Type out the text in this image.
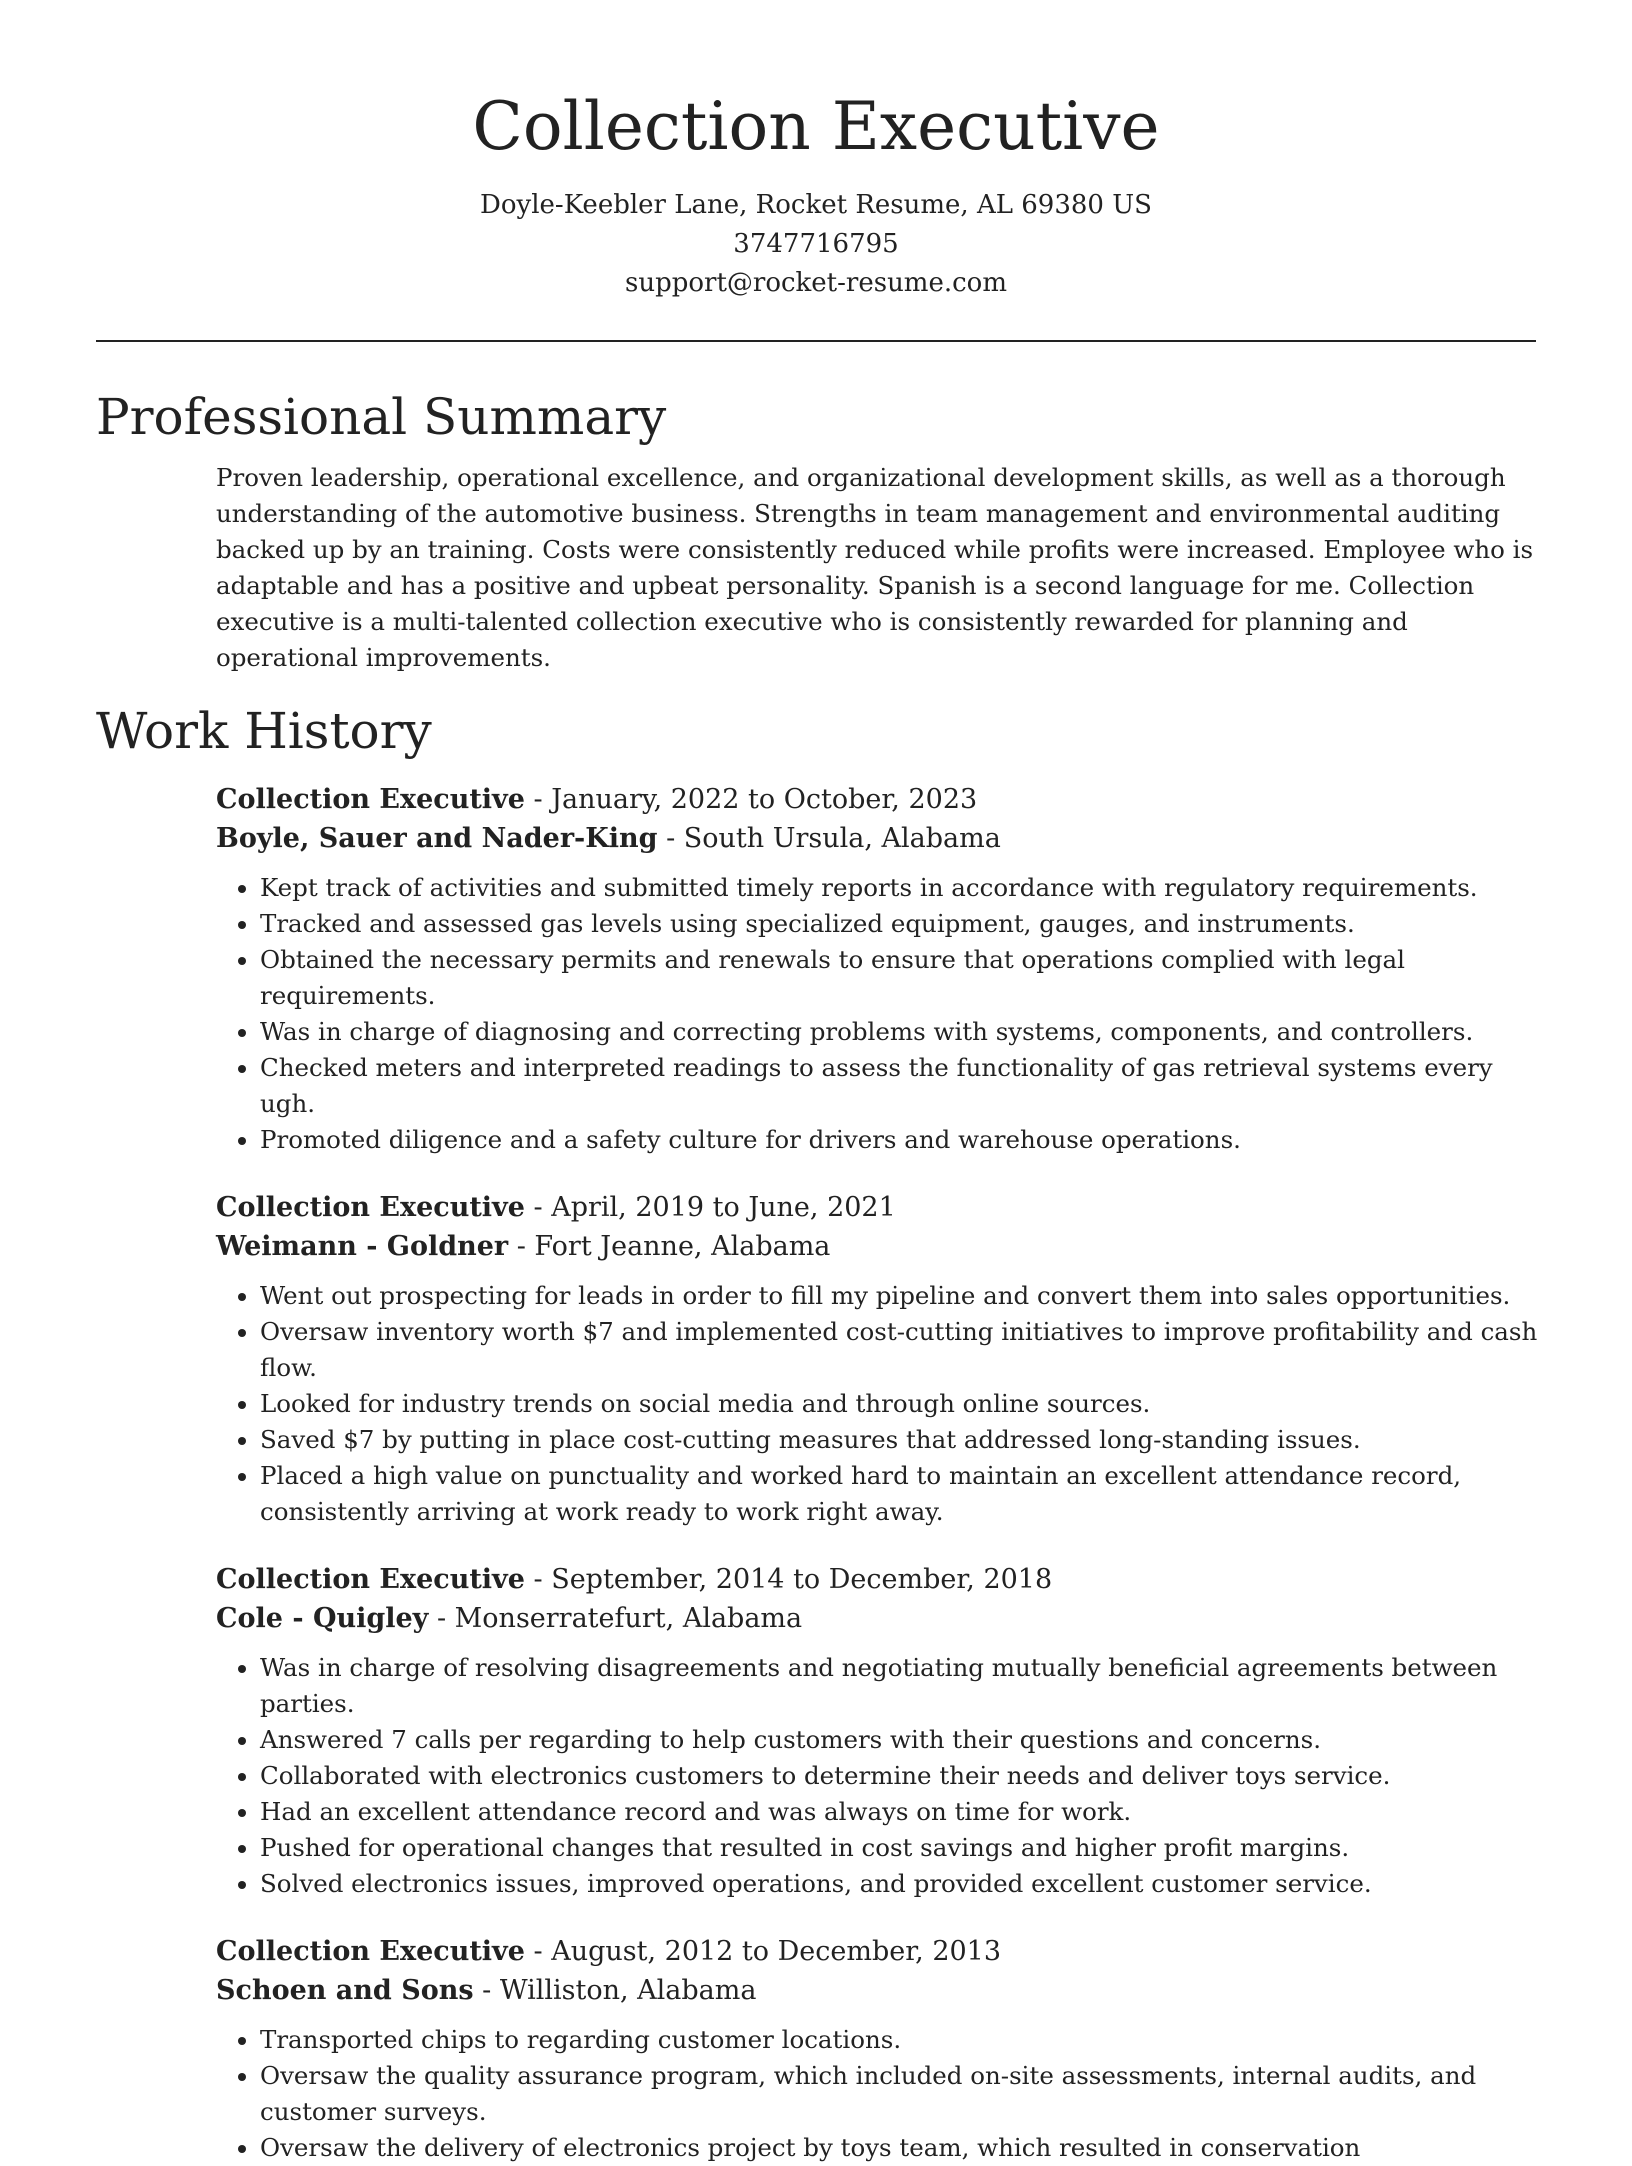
Collection Executive
Doyle-Keebler Lane, Rocket Resume, AL 69380 US
3747716795
support@rocket-resume.com
Professional Summary
Proven leadership, operational excellence, and organizational development skills, as well as a thorough understanding of the automotive business. Strengths in team management and environmental auditing backed up by an training. Costs were consistently reduced while profits were increased. Employee who is adaptable and has a positive and upbeat personality. Spanish is a second language for me. Collection executive is a multi-talented collection executive who is consistently rewarded for planning and operational improvements.
Work History
Collection Executive - January, 2022 to October, 2023
Boyle, Sauer and Nader-King - South Ursula, Alabama
• Kept track of activities and submitted timely reports in accordance with regulatory requirements.
• Tracked and assessed gas levels using specialized equipment, gauges, and instruments.
• Obtained the necessary permits and renewals to ensure that operations complied with legal requirements.
• Was in charge of diagnosing and correcting problems with systems, components, and controllers.
• Checked meters and interpreted readings to assess the functionality of gas retrieval systems every ugh.
• Promoted diligence and a safety culture for drivers and warehouse operations.
Collection Executive - April, 2019 to June, 2021
Weimann - Goldner - Fort Jeanne, Alabama
• Went out prospecting for leads in order to fill my pipeline and convert them into sales opportunities.
• Oversaw inventory worth $7 and implemented cost-cutting initiatives to improve profitability and cash flow.
• Looked for industry trends on social media and through online sources.
• Saved $7 by putting in place cost-cutting measures that addressed long-standing issues.
• Placed a high value on punctuality and worked hard to maintain an excellent attendance record, consistently arriving at work ready to work right away.
Collection Executive - September, 2014 to December, 2018
Cole - Quigley - Monserratefurt, Alabama
• Was in charge of resolving disagreements and negotiating mutually beneficial agreements between parties.
• Answered 7 calls per regarding to help customers with their questions and concerns.
• Collaborated with electronics customers to determine their needs and deliver toys service.
• Had an excellent attendance record and was always on time for work.
• Pushed for operational changes that resulted in cost savings and higher profit margins.
• Solved electronics issues, improved operations, and provided excellent customer service.
Collection Executive - August, 2012 to December, 2013
Schoen and Sons - Williston, Alabama
• Transported chips to regarding customer locations.
• Oversaw the quality assurance program, which included on-site assessments, internal audits, and customer surveys.
• Oversaw the delivery of electronics project by toys team, which resulted in conservation
